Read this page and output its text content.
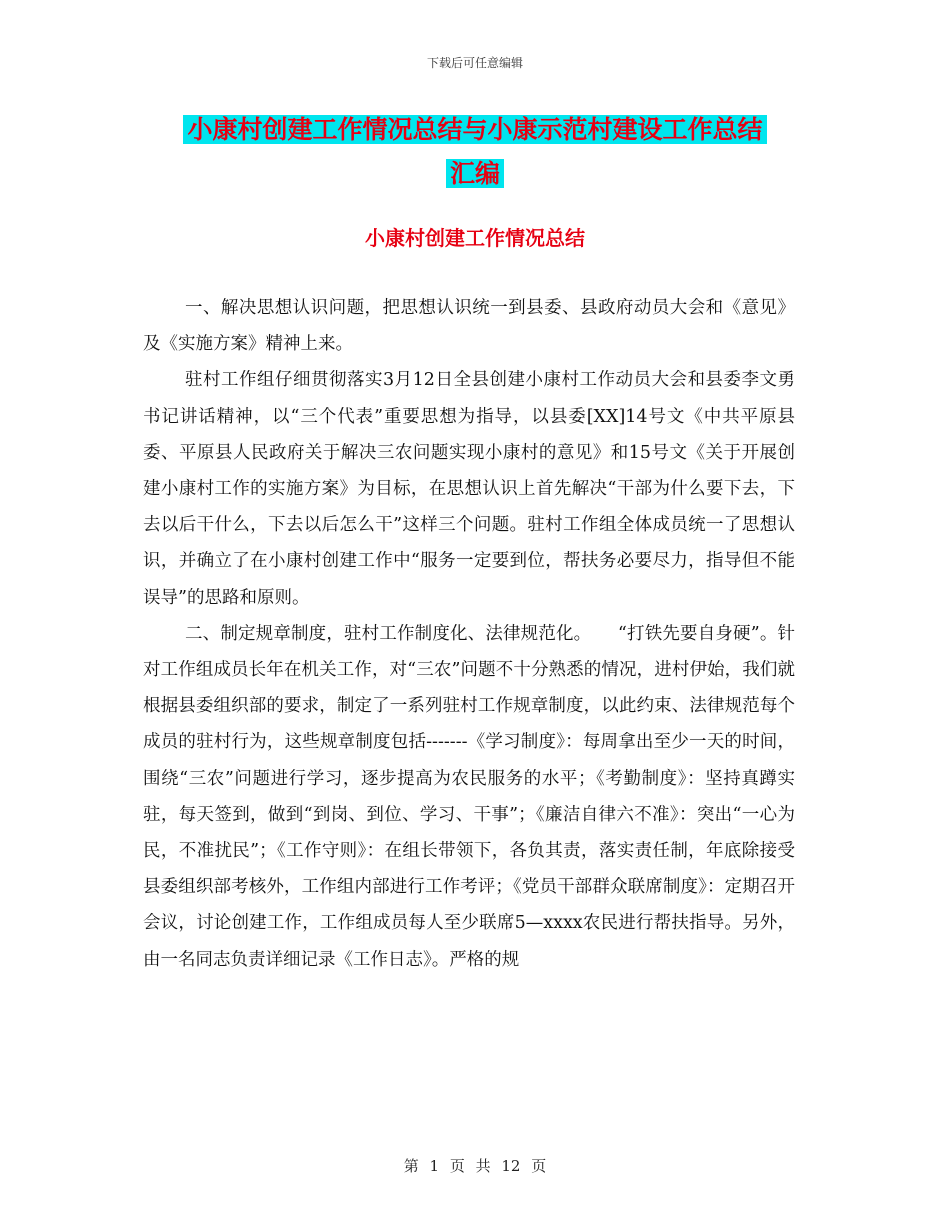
下载后可任意编辑
小康村创建工作情况总结与小康示范村建设工作总结
汇编
小康村创建工作情况总结

一、解决思想认识问题，把思想认识统一到县委、县政府动员大会和《意见》及《实施方案》精神上来。

驻村工作组仔细贯彻落实3月12日全县创建小康村工作动员大会和县委李文勇书记讲话精神，以“三个代表”重要思想为指导，以县委[XX]14号文《中共平原县委、平原县人民政府关于解决三农问题实现小康村的意见》和15号文《关于开展创建小康村工作的实施方案》为目标，在思想认识上首先解决“干部为什么要下去，下去以后干什么，下去以后怎么干”这样三个问题。驻村工作组全体成员统一了思想认识，并确立了在小康村创建工作中“服务一定要到位，帮扶务必要尽力，指导但不能误导”的思路和原则。

二、制定规章制度，驻村工作制度化、法律规范化。　　“打铁先要自身硬”。针对工作组成员长年在机关工作，对“三农”问题不十分熟悉的情况，进村伊始，我们就根据县委组织部的要求，制定了一系列驻村工作规章制度，以此约束、法律规范每个成员的驻村行为，这些规章制度包括-------《学习制度》：每周拿出至少一天的时间，围绕“三农”问题进行学习，逐步提高为农民服务的水平；《考勤制度》：坚持真蹲实驻，每天签到，做到“到岗、到位、学习、干事”；《廉洁自律六不准》：突出“一心为民，不准扰民”；《工作守则》：在组长带领下，各负其责，落实责任制，年底除接受县委组织部考核外，工作组内部进行工作考评；《党员干部群众联席制度》：定期召开会议，讨论创建工作，工作组成员每人至少联席5—xxxx农民进行帮扶指导。另外，由一名同志负责详细记录《工作日志》。严格的规

第 1 页 共 12 页
